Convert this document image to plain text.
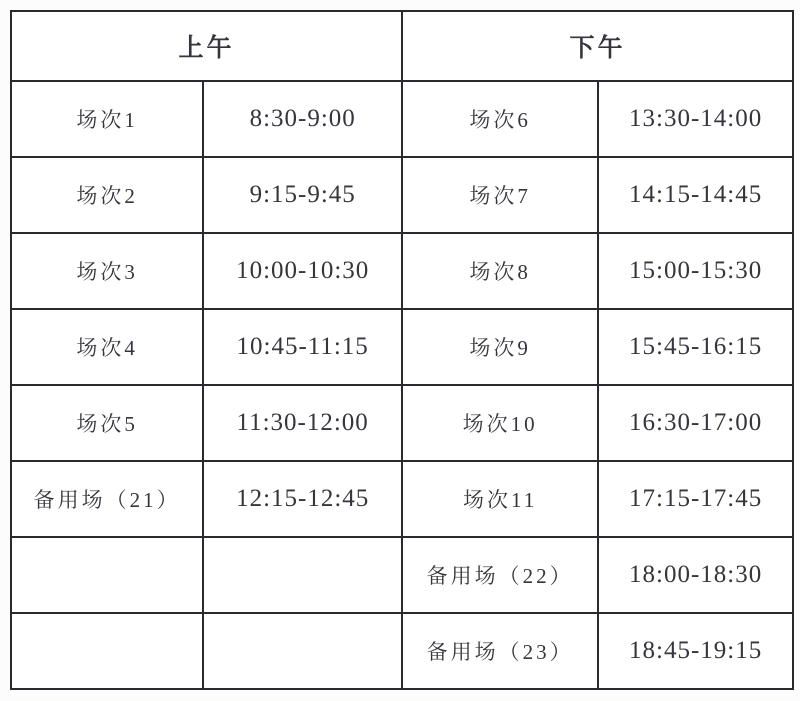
上午		下午	
场次1	8:30-9:00	场次6	13:30-14:00
场次2	9:15-9:45	场次7	14:15-14:45
场次3	10:00-10:30	场次8	15:00-15:30
场次4	10:45-11:15	场次9	15:45-16:15
场次5	11:30-12:00	场次10	16:30-17:00
备用场（21）	12:15-12:45	场次11	17:15-17:45
		备用场（22）	18:00-18:30
		备用场（23）	18:45-19:15
